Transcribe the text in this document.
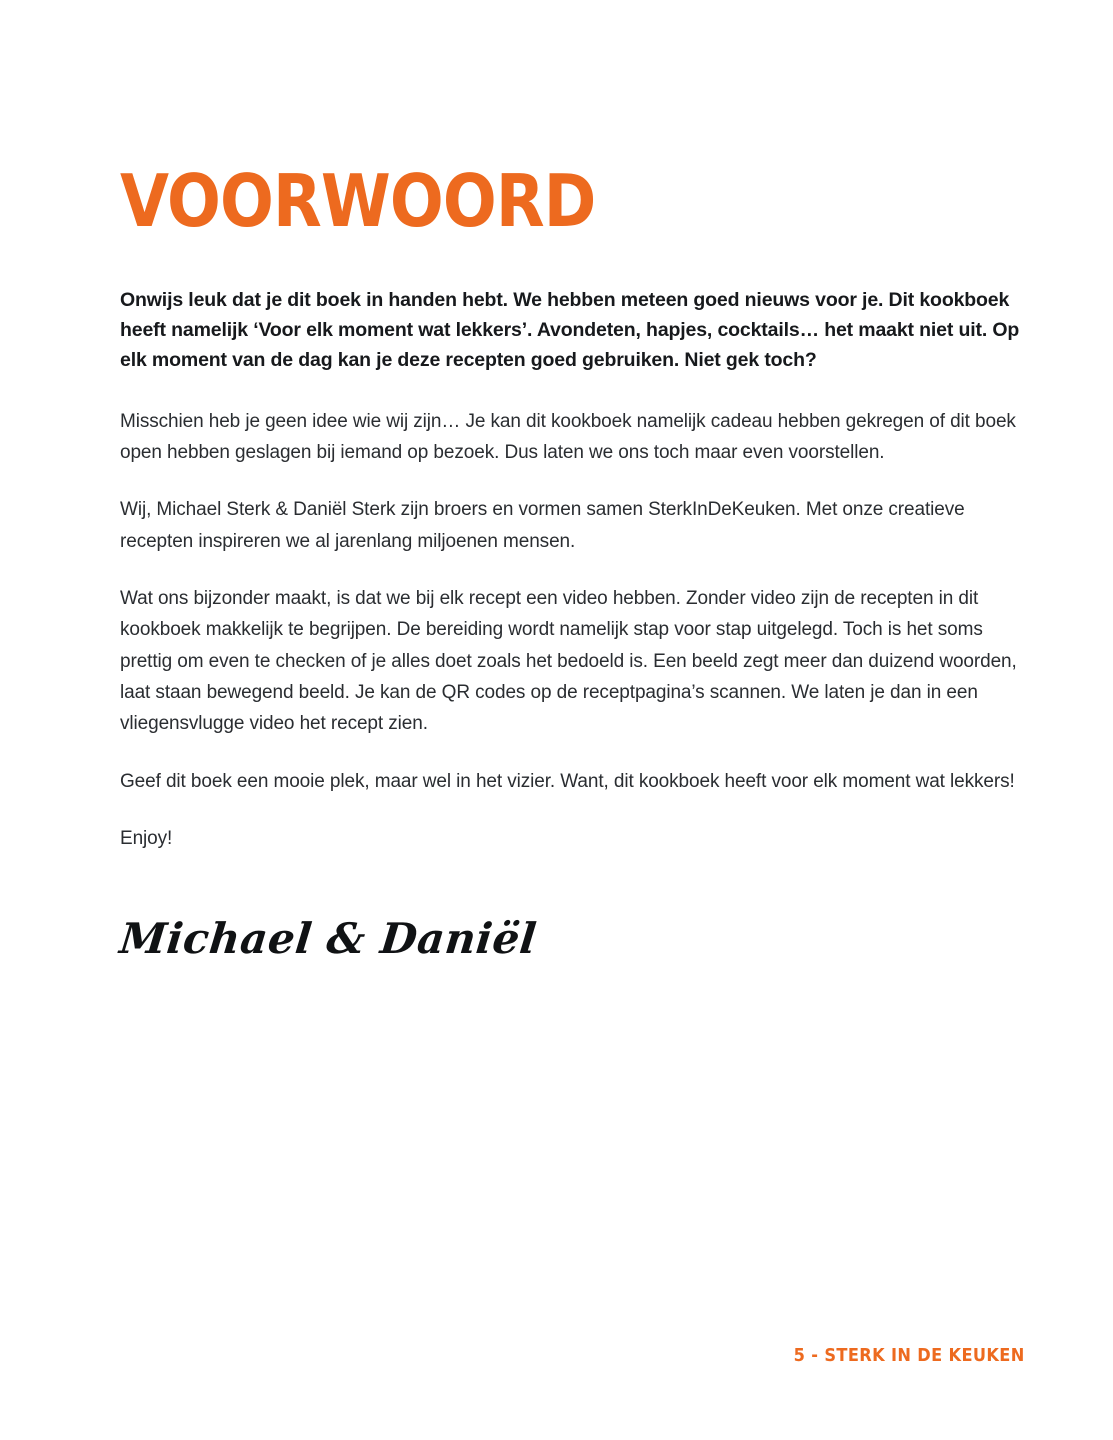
VOORWOORD

Onwijs leuk dat je dit boek in handen hebt. We hebben meteen goed nieuws voor je. Dit kookboek heeft namelijk ‘Voor elk moment wat lekkers’. Avondeten, hapjes, cocktails… het maakt niet uit. Op elk moment van de dag kan je deze recepten goed gebruiken. Niet gek toch?

Misschien heb je geen idee wie wij zijn… Je kan dit kookboek namelijk cadeau hebben gekregen of dit boek open hebben geslagen bij iemand op bezoek. Dus laten we ons toch maar even voorstellen.

Wij, Michael Sterk & Daniël Sterk zijn broers en vormen samen SterkInDeKeuken. Met onze creatieve recepten inspireren we al jarenlang miljoenen mensen.

Wat ons bijzonder maakt, is dat we bij elk recept een video hebben. Zonder video zijn de recepten in dit kookboek makkelijk te begrijpen. De bereiding wordt namelijk stap voor stap uitgelegd. Toch is het soms prettig om even te checken of je alles doet zoals het bedoeld is. Een beeld zegt meer dan duizend woorden, laat staan bewegend beeld. Je kan de QR codes op de receptpagina’s scannen. We laten je dan in een vliegensvlugge video het recept zien.

Geef dit boek een mooie plek, maar wel in het vizier. Want, dit kookboek heeft voor elk moment wat lekkers!

Enjoy!

Michael & Daniël
5 - STERK IN DE KEUKEN
